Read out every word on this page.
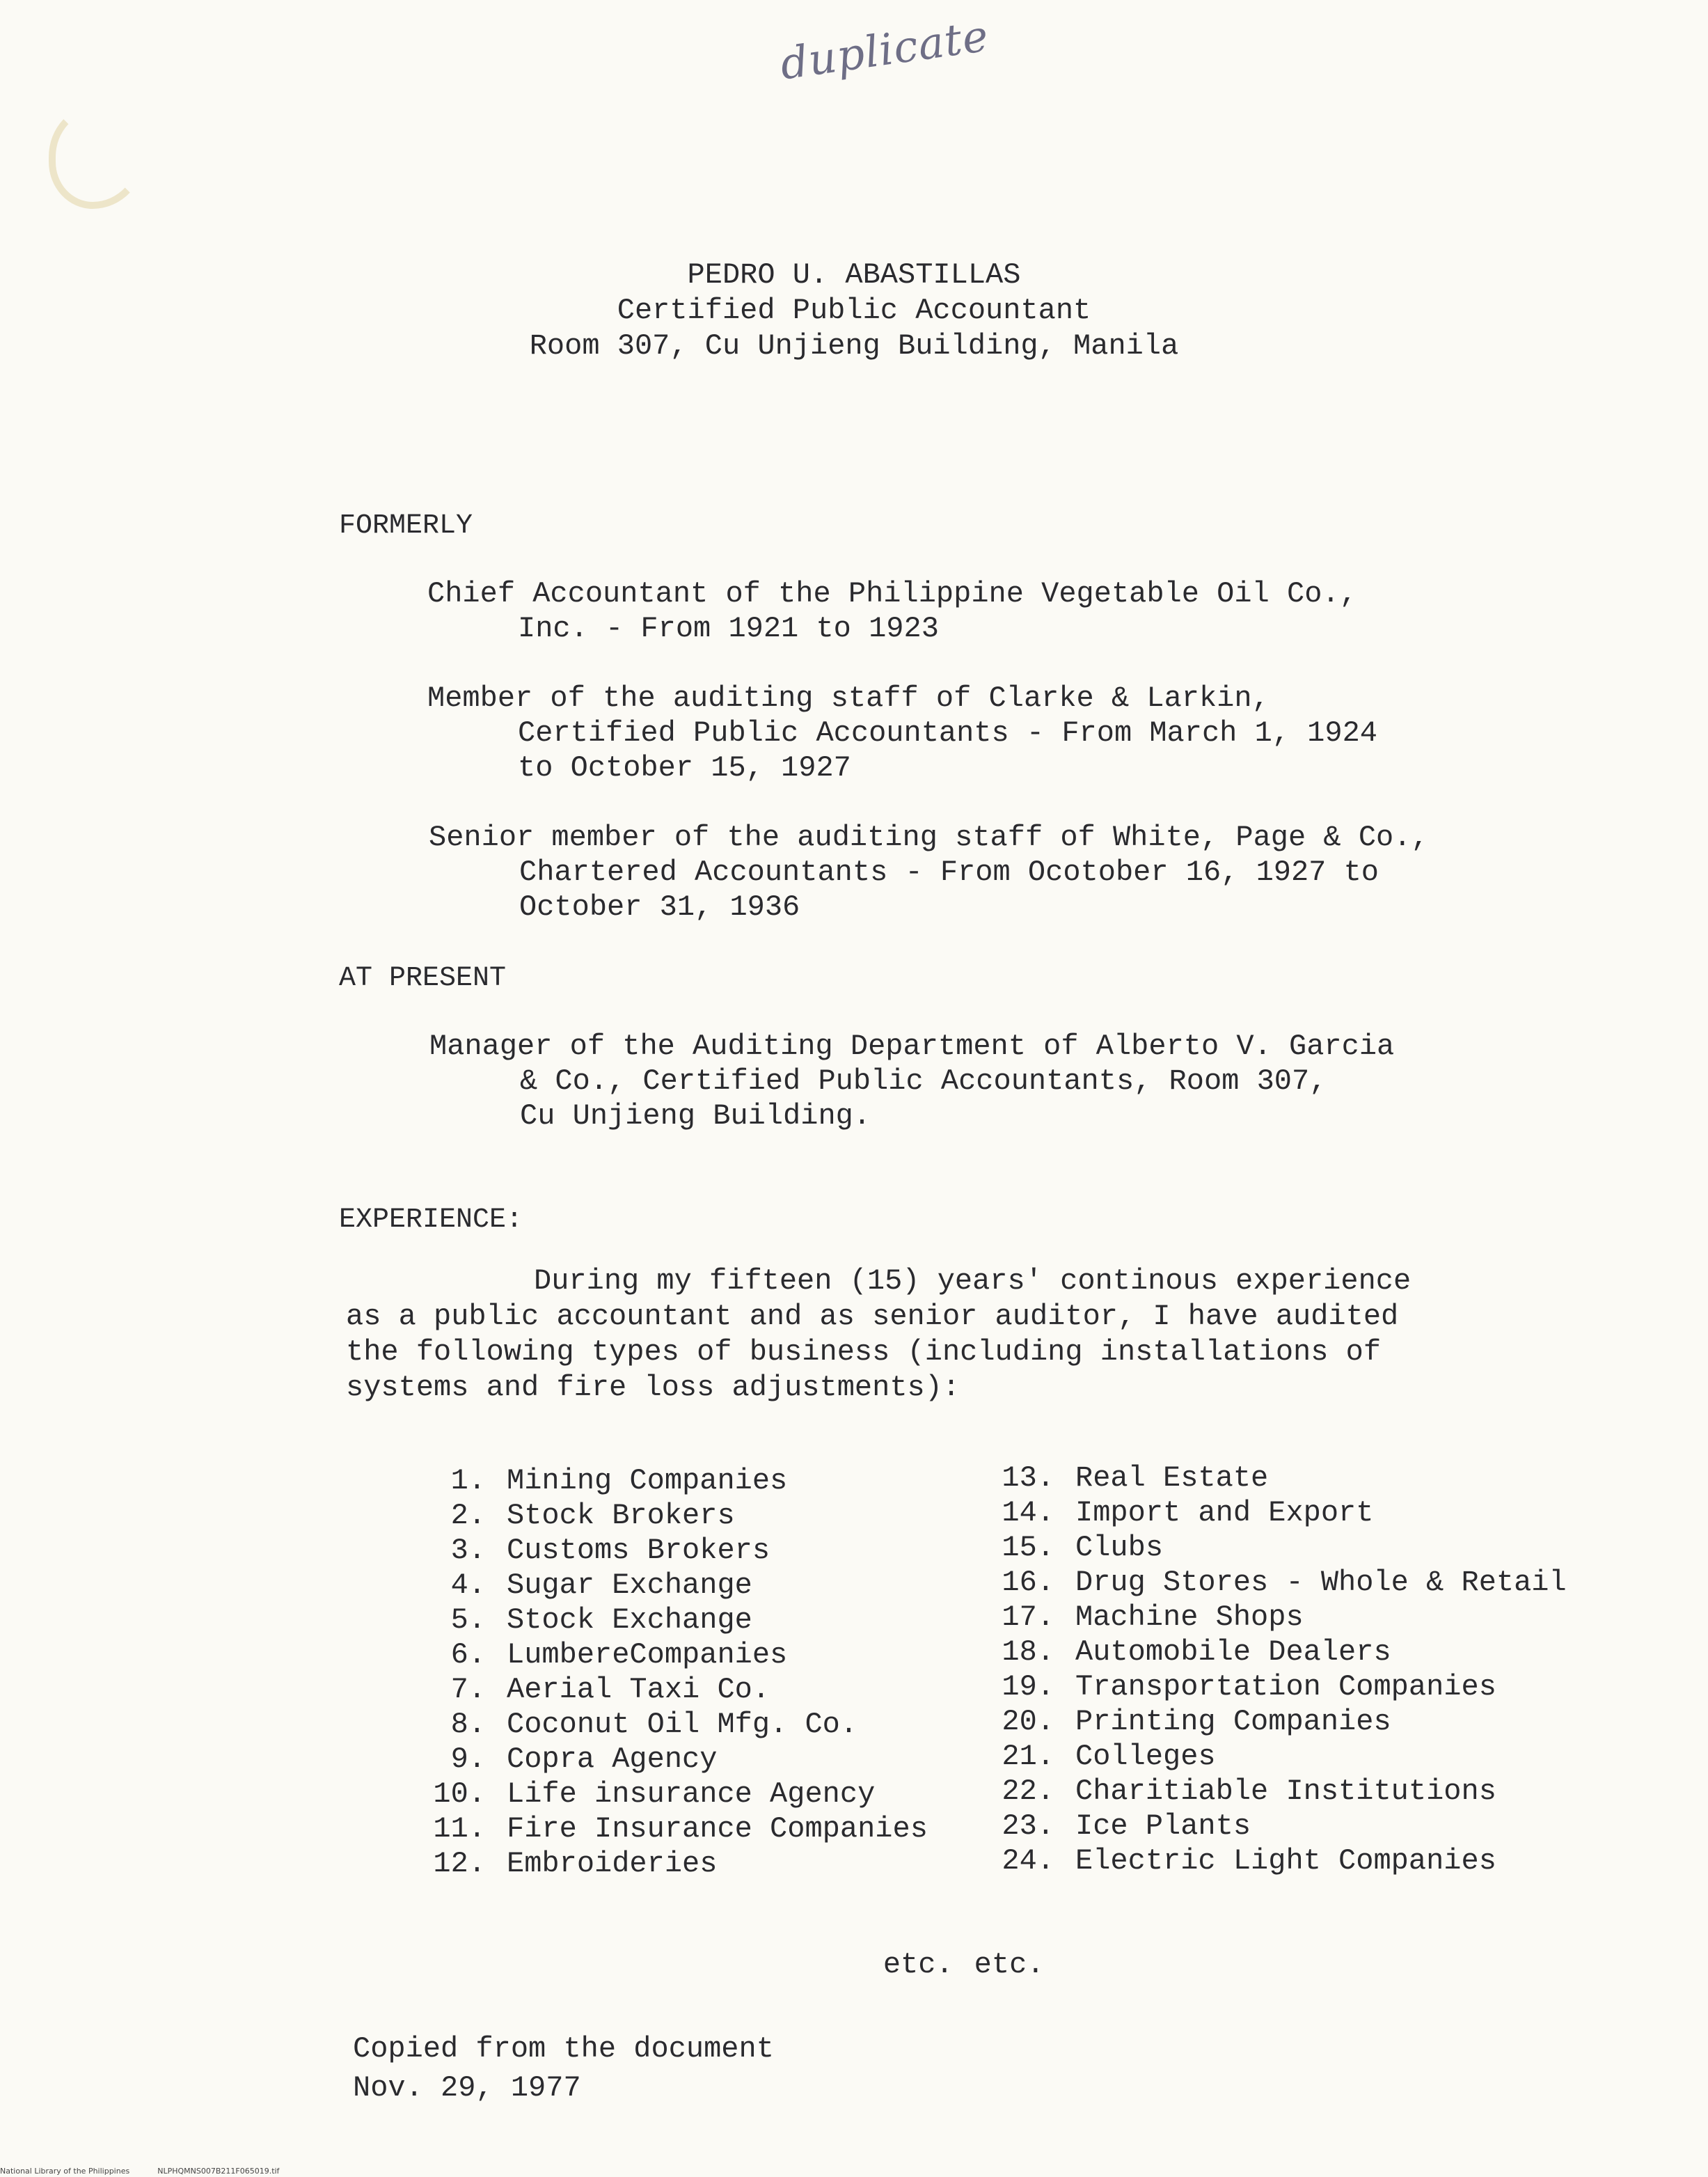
duplicate
PEDRO U. ABASTILLAS
Certified Public Accountant
Room 307, Cu Unjieng Building, Manila
FORMERLY
Chief Accountant of the Philippine Vegetable Oil Co.,
Inc. - From 1921 to 1923
Member of the auditing staff of Clarke & Larkin,
Certified Public Accountants - From March 1, 1924
to October 15, 1927
Senior member of the auditing staff of White, Page & Co.,
Chartered Accountants - From Ocotober 16, 1927 to
October 31, 1936
AT PRESENT
Manager of the Auditing Department of Alberto V. Garcia
& Co., Certified Public Accountants, Room 307,
Cu Unjieng Building.
EXPERIENCE:
During my fifteen (15) years' continous experience
as a public accountant and as senior auditor, I have audited
the following types of business (including installations of
systems and fire loss adjustments):
1. Mining Companies
2. Stock Brokers
3. Customs Brokers
4. Sugar Exchange
5. Stock Exchange
6. LumbereCompanies
7. Aerial Taxi Co.
8. Coconut Oil Mfg. Co.
9. Copra Agency
10. Life insurance Agency
11. Fire Insurance Companies
12. Embroideries
13. Real Estate
14. Import and Export
15. Clubs
16. Drug Stores - Whole & Retail
17. Machine Shops
18. Automobile Dealers
19. Transportation Companies
20. Printing Companies
21. Colleges
22. Charitiable Institutions
23. Ice Plants
24. Electric Light Companies

etc. etc.

Copied from the document
Nov. 29, 1977
National Library of the Philippines	NLPHQMNS007B211F065019.tif
